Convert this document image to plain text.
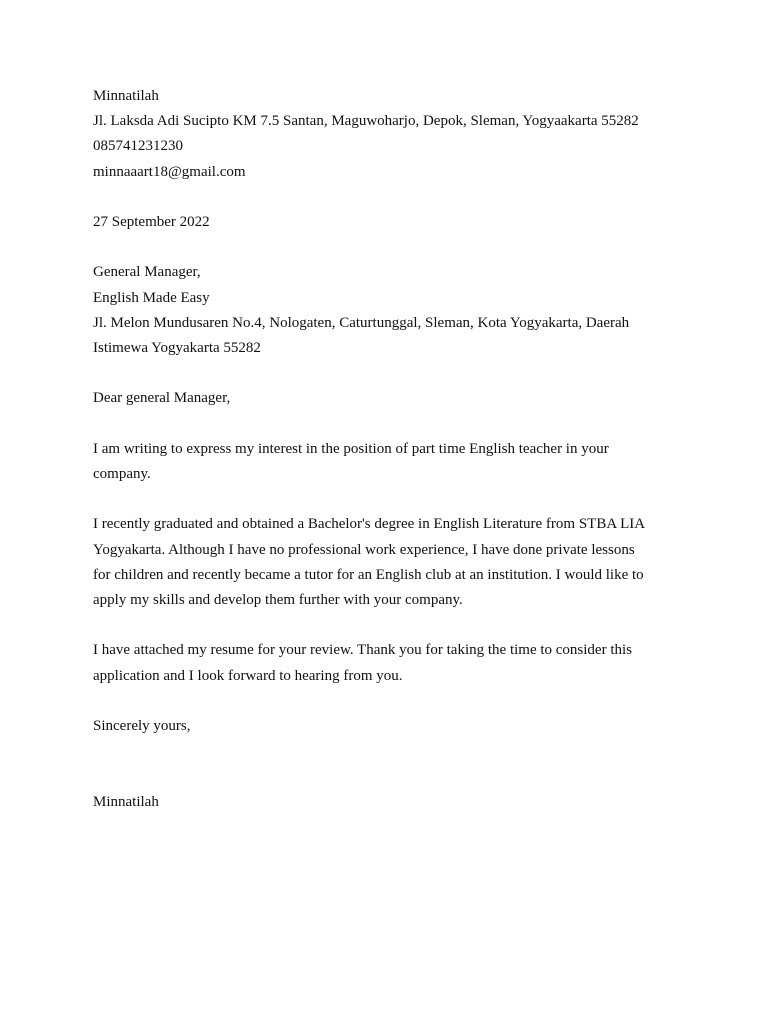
Minnatilah
Jl. Laksda Adi Sucipto KM 7.5 Santan, Maguwoharjo, Depok, Sleman, Yogyaakarta 55282
085741231230
minnaaart18@gmail.com
27 September 2022
General Manager,
English Made Easy
Jl. Melon Mundusaren No.4, Nologaten, Caturtunggal, Sleman, Kota Yogyakarta, Daerah
Istimewa Yogyakarta 55282
Dear general Manager,
I am writing to express my interest in the position of part time English teacher in your
company.
I recently graduated and obtained a Bachelor's degree in English Literature from STBA LIA
Yogyakarta. Although I have no professional work experience, I have done private lessons
for children and recently became a tutor for an English club at an institution. I would like to
apply my skills and develop them further with your company.
I have attached my resume for your review. Thank you for taking the time to consider this
application and I look forward to hearing from you.
Sincerely yours,
Minnatilah
